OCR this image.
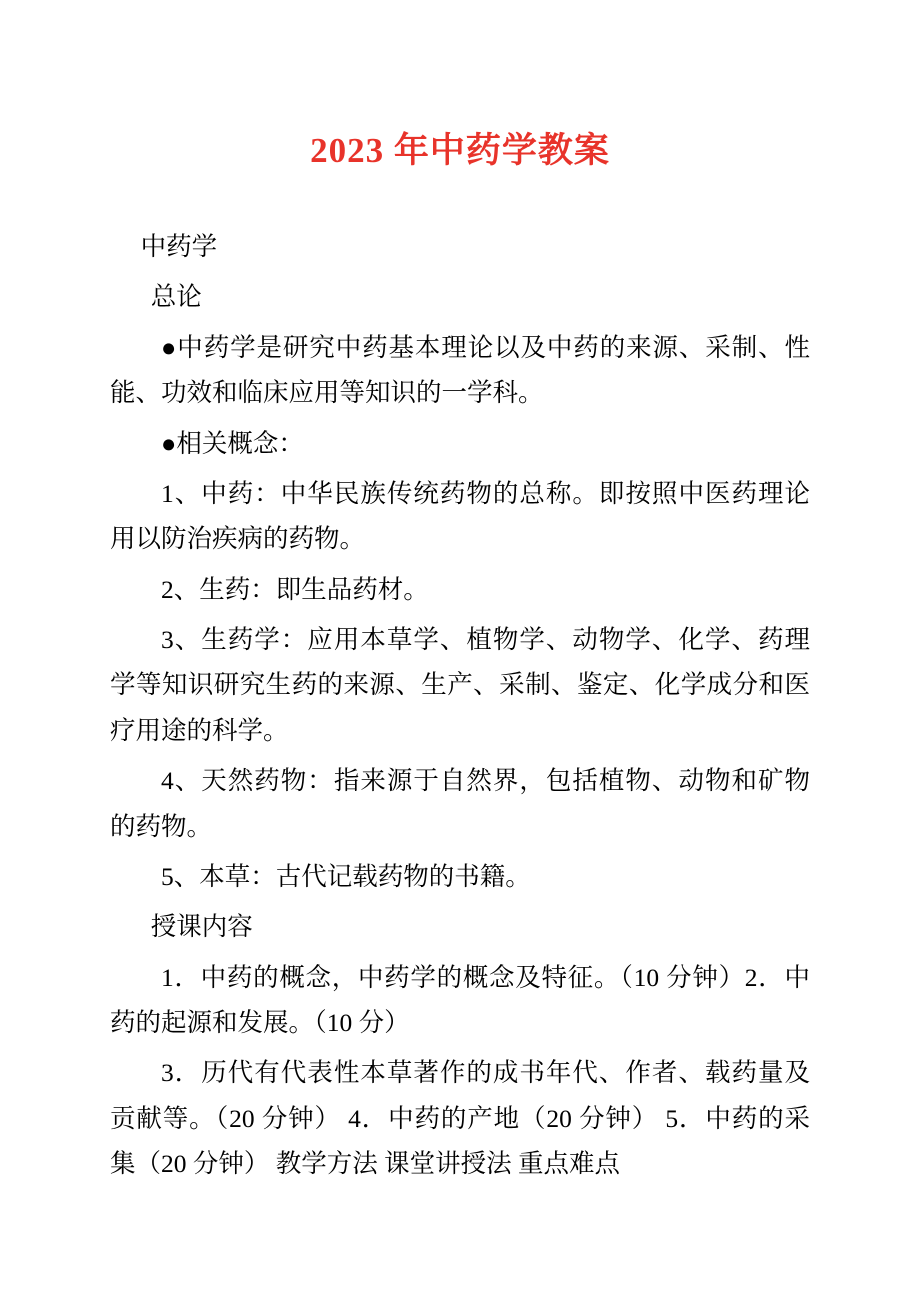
2023 年中药学教案

中药学

总论

●中药学是研究中药基本理论以及中药的来源、采制、性能、功效和临床应用等知识的一学科。

●相关概念：

1、中药：中华民族传统药物的总称。即按照中医药理论用以防治疾病的药物。

2、生药：即生品药材。

3、生药学：应用本草学、植物学、动物学、化学、药理学等知识研究生药的来源、生产、采制、鉴定、化学成分和医疗用途的科学。

4、天然药物：指来源于自然界，包括植物、动物和矿物的药物。

5、本草：古代记载药物的书籍。

授课内容

1．中药的概念，中药学的概念及特征。（10 分钟）2．中药的起源和发展。（10 分）

3．历代有代表性本草著作的成书年代、作者、载药量及贡献等。（20 分钟） 4．中药的产地（20 分钟） 5．中药的采集（20 分钟） 教学方法 课堂讲授法 重点难点
